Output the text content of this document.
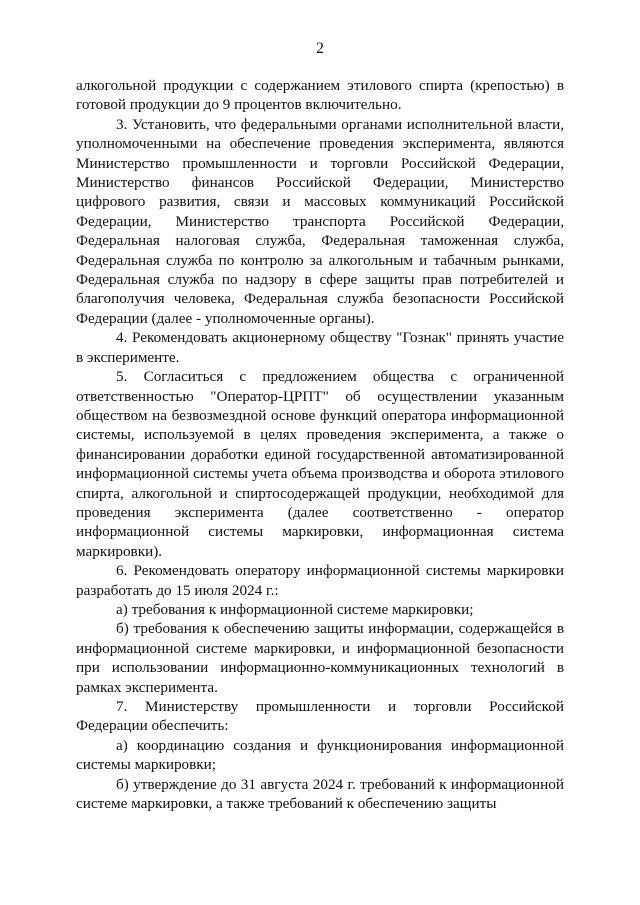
2

алкогольной продукции с содержанием этилового спирта (крепостью) в готовой продукции до 9 процентов включительно.

3. Установить, что федеральными органами исполнительной власти, уполномоченными на обеспечение проведения эксперимента, являются Министерство промышленности и торговли Российской Федерации, Министерство финансов Российской Федерации, Министерство цифрового развития, связи и массовых коммуникаций Российской Федерации, Министерство транспорта Российской Федерации, Федеральная налоговая служба, Федеральная таможенная служба, Федеральная служба по контролю за алкогольным и табачным рынками, Федеральная служба по надзору в сфере защиты прав потребителей и благополучия человека, Федеральная служба безопасности Российской Федерации (далее - уполномоченные органы).

4. Рекомендовать акционерному обществу "Гознак" принять участие в эксперименте.

5. Согласиться с предложением общества с ограниченной ответственностью "Оператор-ЦРПТ" об осуществлении указанным обществом на безвозмездной основе функций оператора информационной системы, используемой в целях проведения эксперимента, а также о финансировании доработки единой государственной автоматизированной информационной системы учета объема производства и оборота этилового спирта, алкогольной и спиртосодержащей продукции, необходимой для проведения эксперимента (далее соответственно - оператор информационной системы маркировки, информационная система маркировки).

6. Рекомендовать оператору информационной системы маркировки разработать до 15 июля 2024 г.:

а) требования к информационной системе маркировки;

б) требования к обеспечению защиты информации, содержащейся в информационной системе маркировки, и информационной безопасности при использовании информационно-коммуникационных технологий в рамках эксперимента.

7. Министерству промышленности и торговли Российской Федерации обеспечить:

а) координацию создания и функционирования информационной системы маркировки;

б) утверждение до 31 августа 2024 г. требований к информационной системе маркировки, а также требований к обеспечению защиты
